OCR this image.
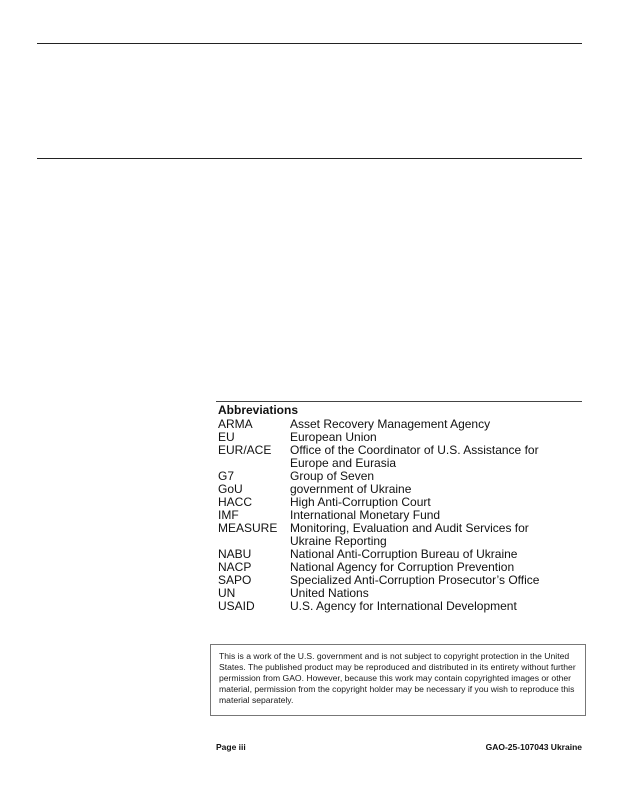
Abbreviations
ARMA	Asset Recovery Management Agency
EU	European Union
EUR/ACE	Office of the Coordinator of U.S. Assistance for Europe and Eurasia
G7	Group of Seven
GoU	government of Ukraine
HACC	High Anti-Corruption Court
IMF	International Monetary Fund
MEASURE	Monitoring, Evaluation and Audit Services for Ukraine Reporting
NABU	National Anti-Corruption Bureau of Ukraine
NACP	National Agency for Corruption Prevention
SAPO	Specialized Anti-Corruption Prosecutor’s Office
UN	United Nations
USAID	U.S. Agency for International Development
This is a work of the U.S. government and is not subject to copyright protection in the United States. The published product may be reproduced and distributed in its entirety without further permission from GAO. However, because this work may contain copyrighted images or other material, permission from the copyright holder may be necessary if you wish to reproduce this material separately.
Page iii	GAO-25-107043 Ukraine
